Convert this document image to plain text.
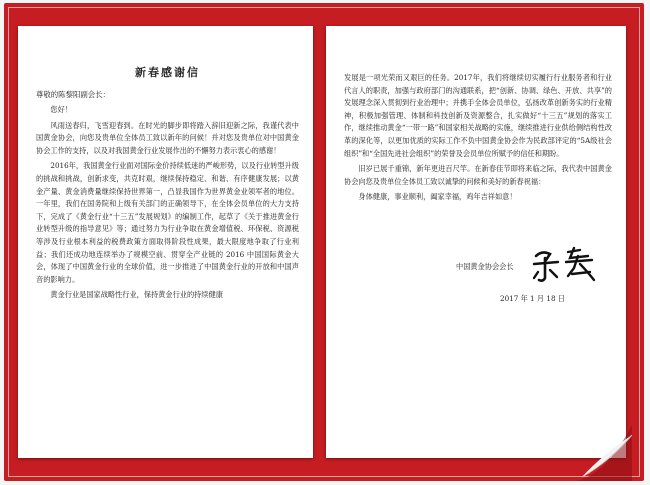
新春感谢信
尊敬的陈黎阳副会长：

您好！

风雨送春归，飞雪迎春到。在时光的脚步即将踏入辞旧迎新之际，我谨代表中国黄金协会，向您及贵单位全体员工致以新年的问候！并对您及贵单位对中国黄金协会工作的支持，以及对我国黄金行业发展作出的不懈努力表示衷心的感谢！

2016年，我国黄金行业面对国际金价持续低迷的严峻形势，以及行业转型升级的挑战和挑战，创新求变，共克时艰，继续保持稳定、和谐、有序健康发展；以黄金产量、黄金消费量继续保持世界第一，凸显我国作为世界黄金业领军者的地位。一年里，我们在国务院和上级有关部门的正确领导下，在全体会员单位的大力支持下，完成了《黄金行业“十三五”发展规划》的编制工作，起草了《关于推进黄金行业转型升级的指导意见》等；通过努力为行业争取在黄金增值税、环保税、资源税等涉及行业根本利益的税费政策方面取得阶段性成果，最大限度地争取了行业利益；我们还成功地连续举办了规模空前、贯穿全产业链的 2016 中国国际黄金大会，体现了中国黄金行业的全球价值，进一步推进了中国黄金行业的开放和中国声音的影响力。

黄金行业是国家战略性行业，保持黄金行业的持续健康

发展是一项光荣而又艰巨的任务。2017年，我们将继续切实履行行业服务者和行业代言人的职责，加强与政府部门的沟通联系，把“创新、协调、绿色、开放、共享”的发展理念深入贯彻到行业治理中；并携手全体会员单位，弘扬改革创新务实的行业精神，积极加强管理、体制和科技创新及资源整合，扎实做好“十三五”规划的落实工作，继续推动黄金“一带一路”和国家相关战略的实施，继续推进行业供给侧结构性改革的深化等，以更加优质的实际工作不负中国黄金协会作为民政部评定的“5A级社会组织”和“全国先进社会组织”的荣誉及会员单位所赋予的信任和期盼。

旧岁已展千重锦，新年更进百尺竿。在新春佳节即将来临之际，我代表中国黄金协会向您及贵单位全体员工致以诚挚的问候和美好的新春祝福：

身体健康，事业顺利，阖家幸福，鸡年吉祥如意！

中国黄金协会会长
2017 年 1 月 18 日
